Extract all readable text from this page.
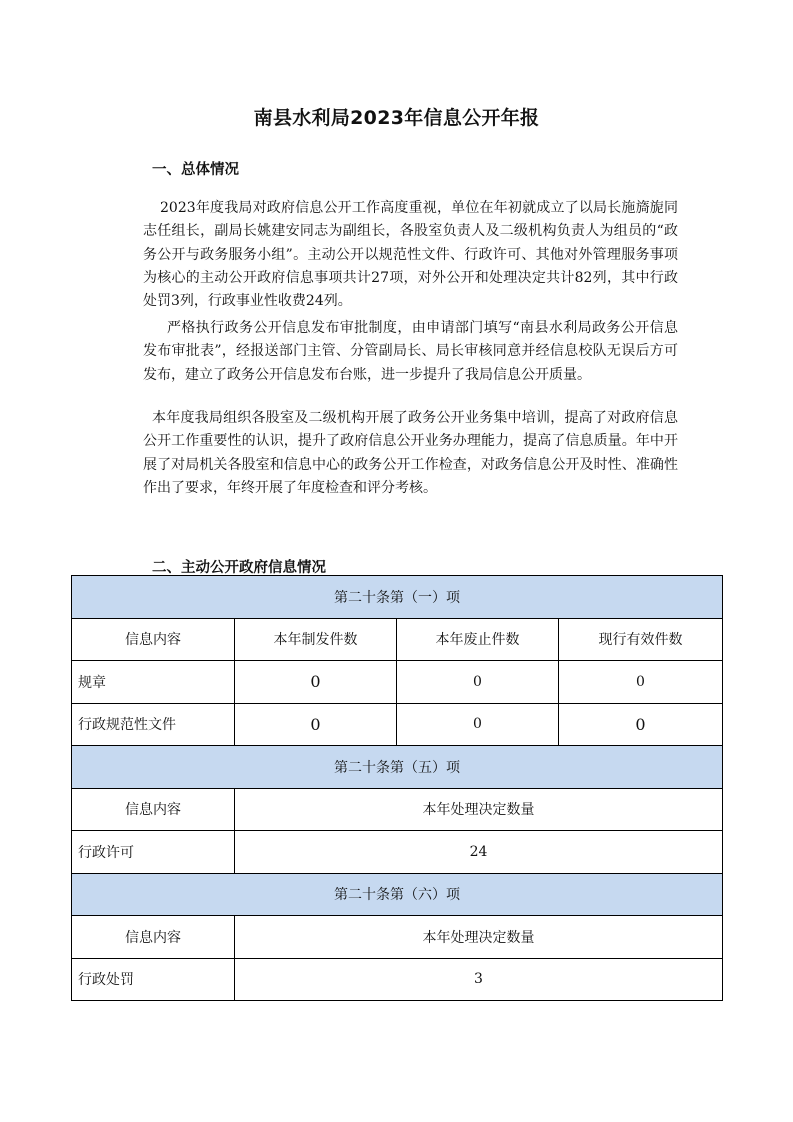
南县水利局2023年信息公开年报
一、总体情况
2023年度我局对政府信息公开工作高度重视，单位在年初就成立了以局长施旖旎同志任组长，副局长姚建安同志为副组长，各股室负责人及二级机构负责人为组员的“政务公开与政务服务小组”。主动公开以规范性文件、行政许可、其他对外管理服务事项为核心的主动公开政府信息事项共计27项，对外公开和处理决定共计82列，其中行政处罚3列，行政事业性收费24列。
严格执行政务公开信息发布审批制度，由申请部门填写“南县水利局政务公开信息发布审批表”，经报送部门主管、分管副局长、局长审核同意并经信息校队无误后方可发布，建立了政务公开信息发布台账，进一步提升了我局信息公开质量。
本年度我局组织各股室及二级机构开展了政务公开业务集中培训，提高了对政府信息公开工作重要性的认识，提升了政府信息公开业务办理能力，提高了信息质量。年中开展了对局机关各股室和信息中心的政务公开工作检查，对政务信息公开及时性、准确性作出了要求，年终开展了年度检查和评分考核。
二、主动公开政府信息情况
第二十条第（一）项			
信息内容	本年制发件数	本年废止件数	现行有效件数
规章	0	0	0
行政规范性文件	0	0	0
第二十条第（五）项			
信息内容	本年处理决定数量		
行政许可	24		
第二十条第（六）项			
信息内容	本年处理决定数量		
行政处罚	3		
